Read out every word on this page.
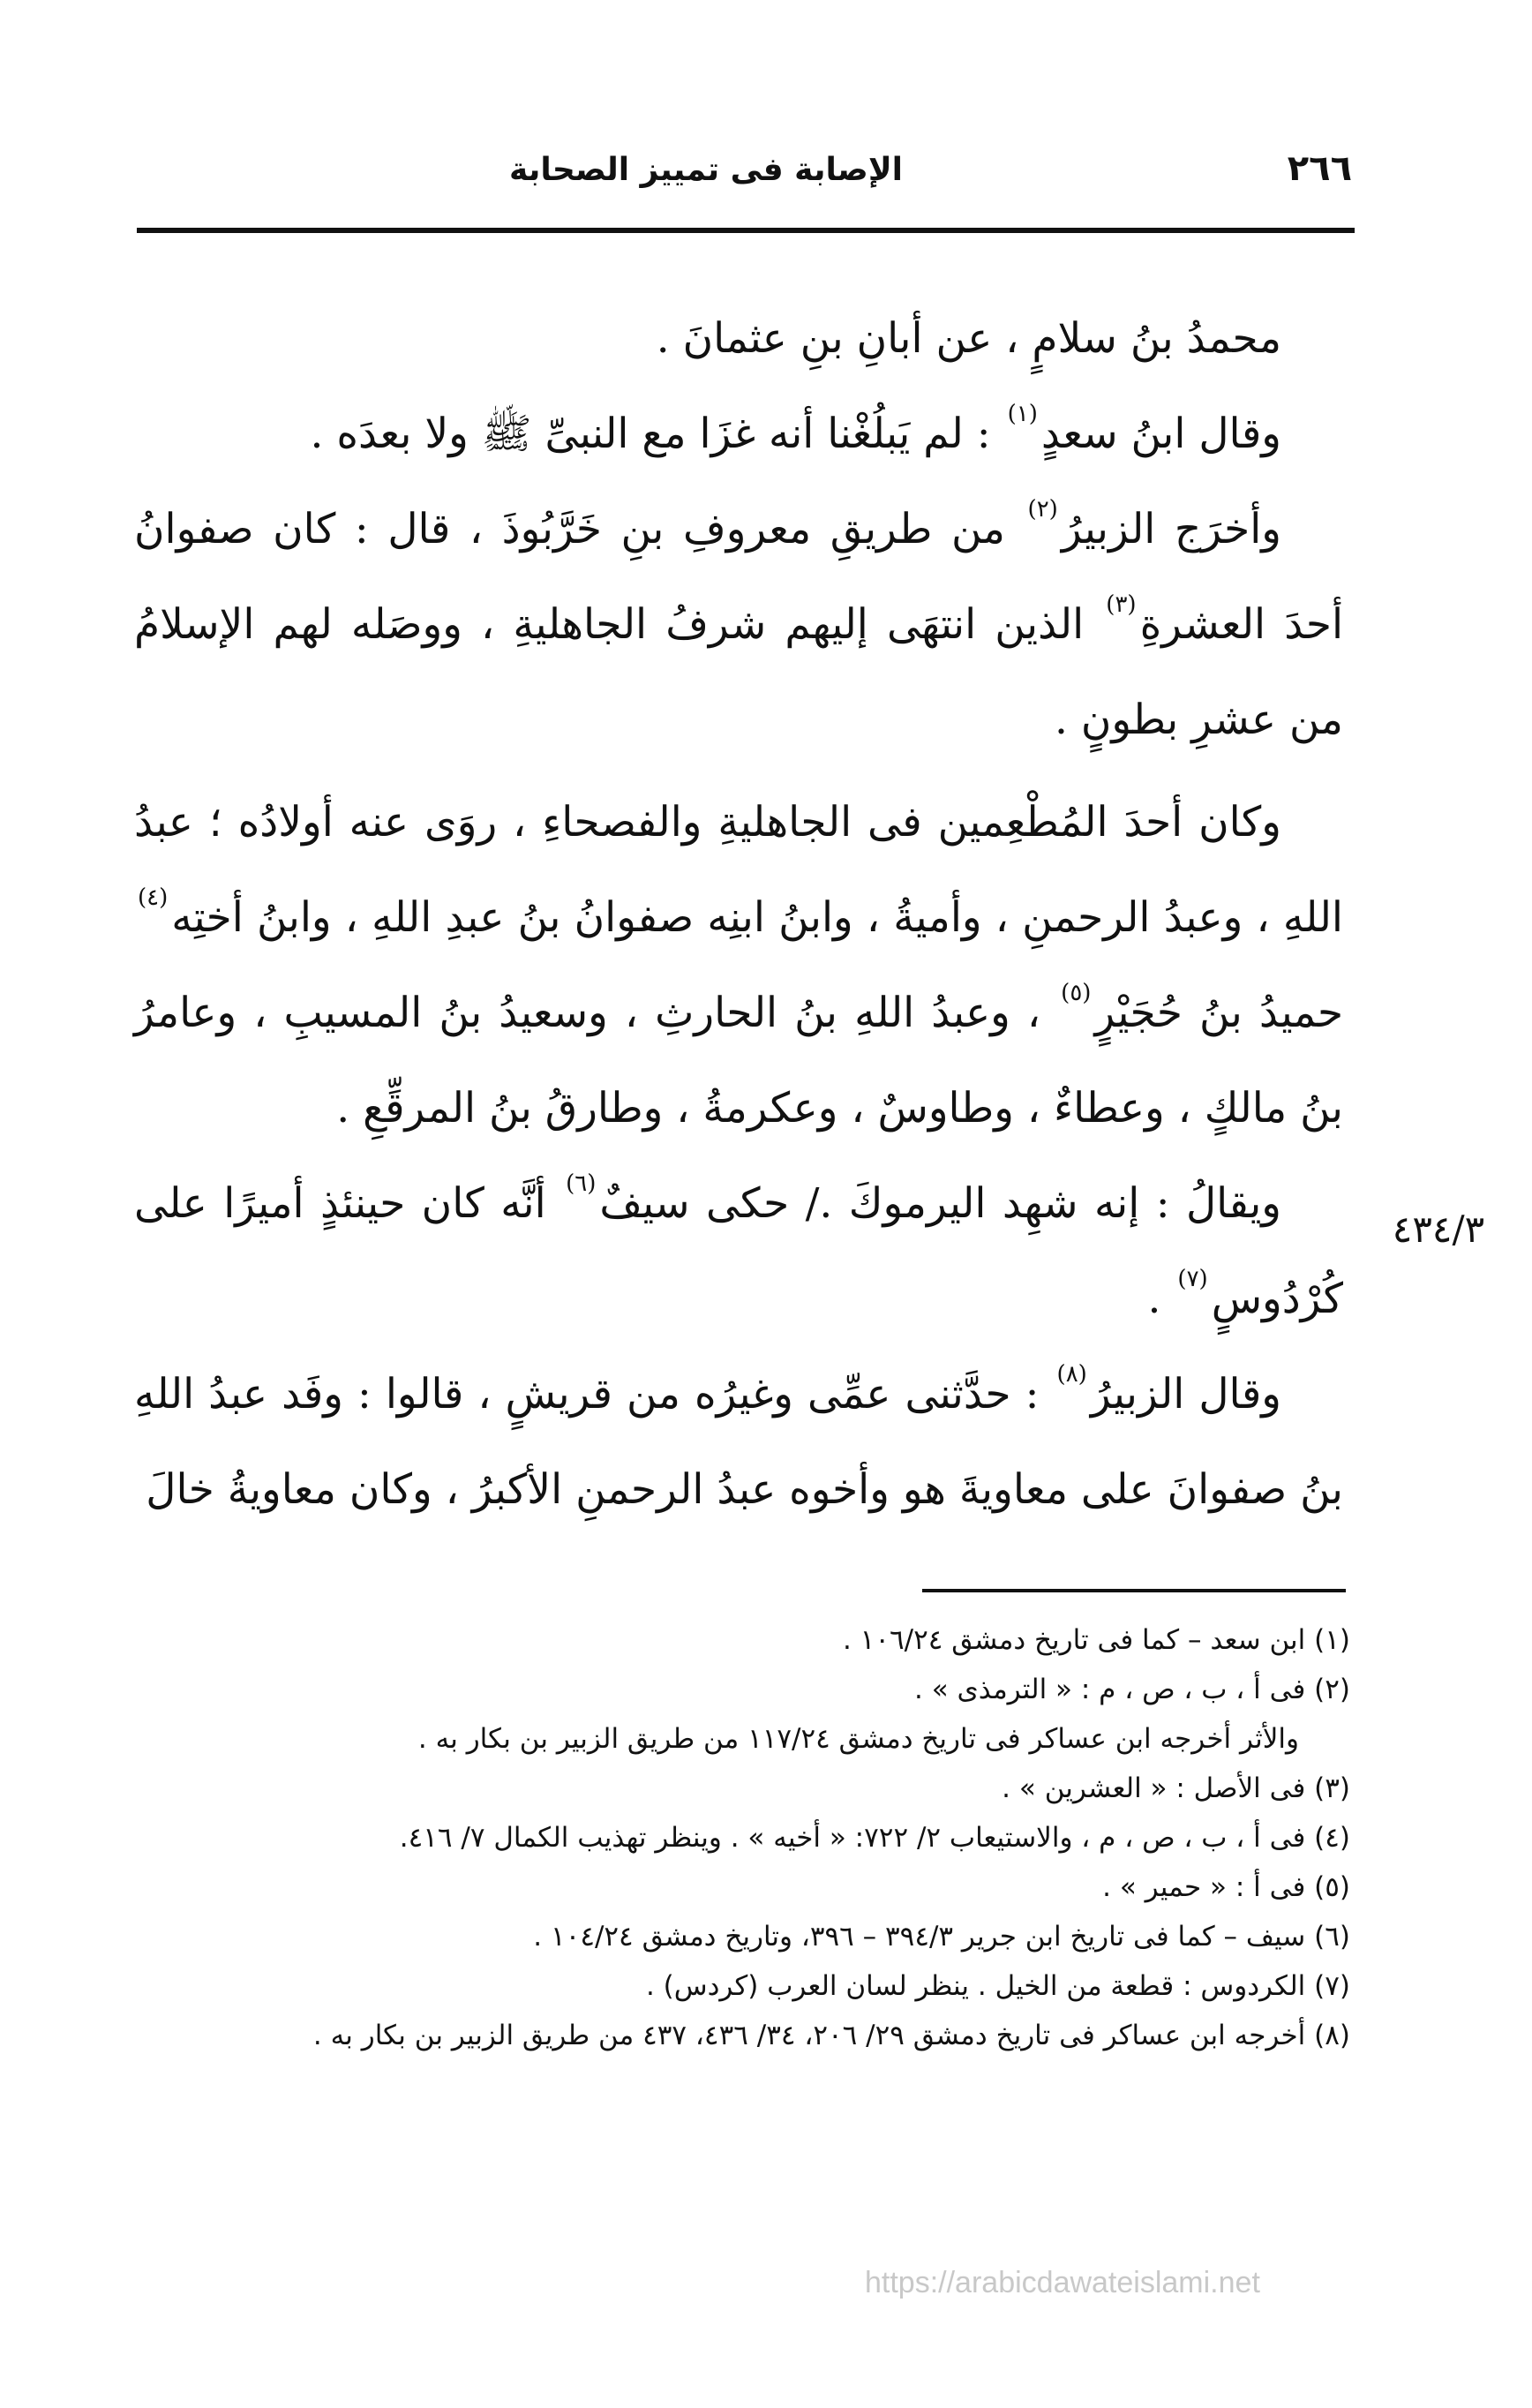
٢٦٦
الإصابة فى تمييز الصحابة

محمدُ بنُ سلامٍ ، عن أبانِ بنِ عثمانَ .

وقال ابنُ سعدٍ$^{(١)}$ : لم يَبلُغْنا أنه غزَا مع النبىِّ ﷺ ولا بعدَه .

وأخرَج الزبيرُ$^{(٢)}$ من طريقِ معروفِ بنِ خَرَّبُوذَ ، قال : كان صفوانُ أحدَ العشرةِ$^{(٣)}$ الذين انتهَى إليهم شرفُ الجاهليةِ ، ووصَله لهم الإسلامُ من عشرِ بطونٍ .

وكان أحدَ المُطْعِمين فى الجاهليةِ والفصحاءِ ، روَى عنه أولادُه ؛ عبدُ اللهِ ، وعبدُ الرحمنِ ، وأميةُ ، وابنُ ابنِه صفوانُ بنُ عبدِ اللهِ ، وابنُ أختِه$^{(٤)}$ حميدُ بنُ حُجَيْرٍ$^{(٥)}$ ، وعبدُ اللهِ بنُ الحارثِ ، وسعيدُ بنُ المسيبِ ، وعامرُ بنُ مالكٍ ، وعطاءٌ ، وطاوسٌ ، وعكرمةُ ، وطارقُ بنُ المرقِّعِ .

ويقالُ : إنه شهِد اليرموكَ ./ حكى سيفٌ$^{(٦)}$ أنَّه كان حينئذٍ أميرًا على كُرْدُوسٍ$^{(٧)}$ .

وقال الزبيرُ$^{(٨)}$ : حدَّثنى عمِّى وغيرُه من قريشٍ ، قالوا : وفَد عبدُ اللهِ بنُ صفوانَ على معاويةَ هو وأخوه عبدُ الرحمنِ الأكبرُ ، وكان معاويةُ خالَ

٤٣٤/٣
(١) ابن سعد – كما فى تاريخ دمشق ١٠٦/٢٤ .
(٢) فى أ ، ب ، ص ، م : « الترمذى » .
والأثر أخرجه ابن عساكر فى تاريخ دمشق ١١٧/٢٤ من طريق الزبير بن بكار به .
(٣) فى الأصل : « العشرين » .
(٤) فى أ ، ب ، ص ، م ، والاستيعاب ٢/ ٧٢٢: « أخيه » . وينظر تهذيب الكمال ٧/ ٤١٦.
(٥) فى أ : « حمير » .
(٦) سيف – كما فى تاريخ ابن جرير ٣٩٤/٣ – ٣٩٦، وتاريخ دمشق ١٠٤/٢٤ .
(٧) الكردوس : قطعة من الخيل . ينظر لسان العرب (كردس) .
(٨) أخرجه ابن عساكر فى تاريخ دمشق ٢٩/ ٢٠٦، ٣٤/ ٤٣٦، ٤٣٧ من طريق الزبير بن بكار به .
https://arabicdawateislami.net
